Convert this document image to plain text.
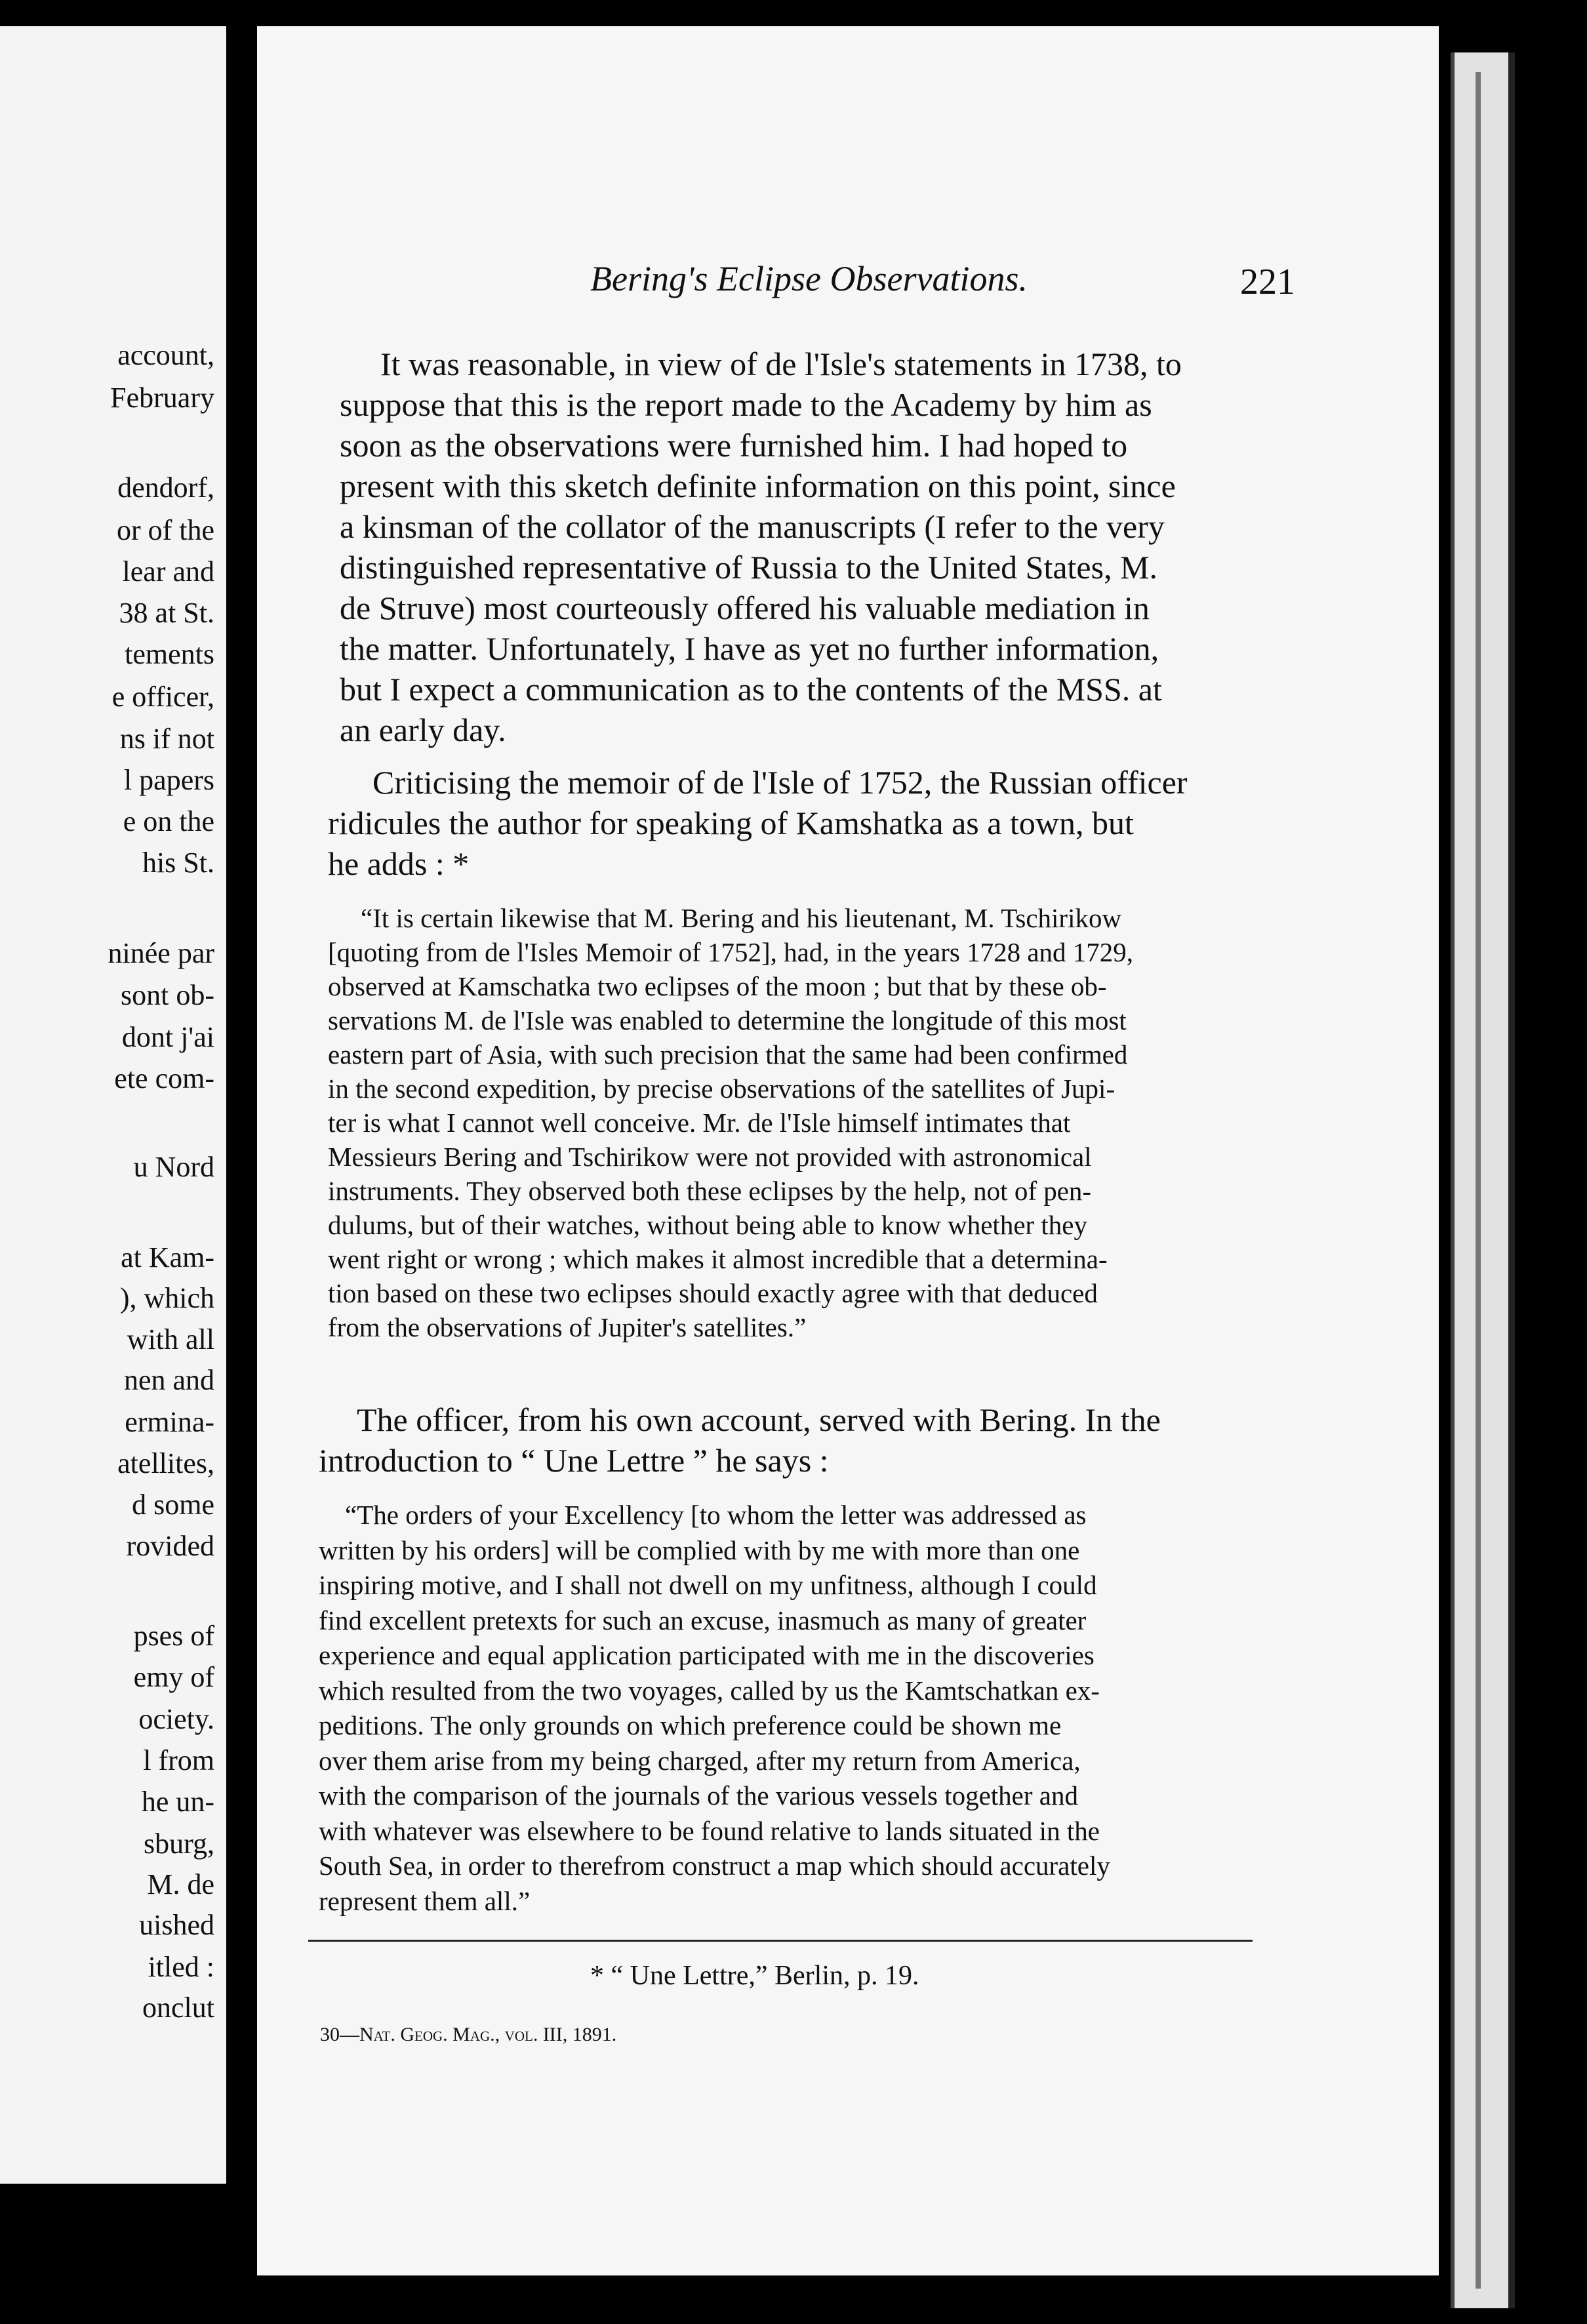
account,
February
dendorf,
or of the
lear and
38 at St.
tements
e officer,
ns if not
l papers
e on the
his St.
ninée par
sont ob-
dont j'ai
ete com-
u Nord
at Kam-
), which
with all
nen and
ermina-
atellites,
d some
rovided
pses of
emy of
ociety.
l from
he un-
sburg,
M. de
uished
itled :
onclut
Bering's Eclipse Observations.	221
It was reasonable, in view of de l'Isle's statements in 1738, to
suppose that this is the report made to the Academy by him as
soon as the observations were furnished him. I had hoped to
present with this sketch definite information on this point, since
a kinsman of the collator of the manuscripts (I refer to the very
distinguished representative of Russia to the United States, M.
de Struve) most courteously offered his valuable mediation in
the matter. Unfortunately, I have as yet no further information,
but I expect a communication as to the contents of the MSS. at
an early day.
Criticising the memoir of de l'Isle of 1752, the Russian officer
ridicules the author for speaking of Kamshatka as a town, but
he adds : *
The officer, from his own account, served with Bering. In the
introduction to “ Une Lettre ” he says :
“It is certain likewise that M. Bering and his lieutenant, M. Tschirikow
[quoting from de l'Isles Memoir of 1752], had, in the years 1728 and 1729,
observed at Kamschatka two eclipses of the moon ; but that by these ob-
servations M. de l'Isle was enabled to determine the longitude of this most
eastern part of Asia, with such precision that the same had been confirmed
in the second expedition, by precise observations of the satellites of Jupi-
ter is what I cannot well conceive. Mr. de l'Isle himself intimates that
Messieurs Bering and Tschirikow were not provided with astronomical
instruments. They observed both these eclipses by the help, not of pen-
dulums, but of their watches, without being able to know whether they
went right or wrong ; which makes it almost incredible that a determina-
tion based on these two eclipses should exactly agree with that deduced
from the observations of Jupiter's satellites.”
“The orders of your Excellency [to whom the letter was addressed as
written by his orders] will be complied with by me with more than one
inspiring motive, and I shall not dwell on my unfitness, although I could
find excellent pretexts for such an excuse, inasmuch as many of greater
experience and equal application participated with me in the discoveries
which resulted from the two voyages, called by us the Kamtschatkan ex-
peditions. The only grounds on which preference could be shown me
over them arise from my being charged, after my return from America,
with the comparison of the journals of the various vessels together and
with whatever was elsewhere to be found relative to lands situated in the
South Sea, in order to therefrom construct a map which should accurately
represent them all.”
* “ Une Lettre,” Berlin, p. 19.
30—Nat. Geog. Mag., vol. III, 1891.
